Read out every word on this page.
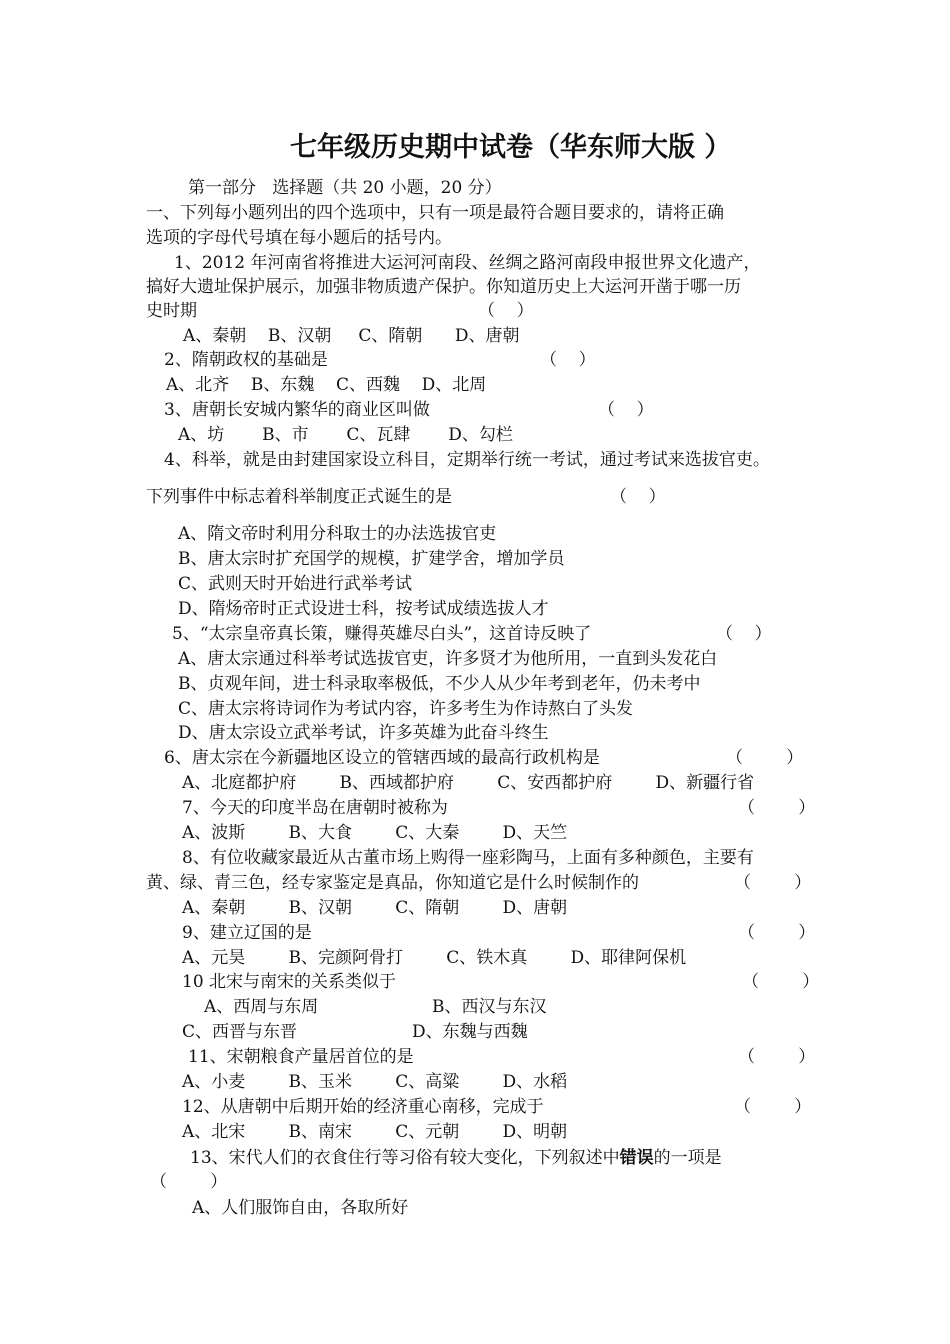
七年级历史期中试卷（华东师大版 ）
第一部分   选择题（共 20 小题，20 分）
一、下列每小题列出的四个选项中，只有一项是最符合题目要求的，请将正确
选项的字母代号填在每小题后的括号内。
1、2012 年河南省将推进大运河河南段、丝绸之路河南段申报世界文化遗产，
搞好大遗址保护展示，加强非物质遗产保护。你知道历史上大运河开凿于哪一历
史时期	（    ）
A、秦朝    B、汉朝     C、隋朝      D、唐朝
2、隋朝政权的基础是	（    ）
A、北齐    B、东魏    C、西魏    D、北周
3、唐朝长安城内繁华的商业区叫做	（    ）
A、坊       B、市       C、瓦肆       D、勾栏
4、科举，就是由封建国家设立科目，定期举行统一考试，通过考试来选拔官吏。
下列事件中标志着科举制度正式诞生的是	（    ）
A、隋文帝时利用分科取士的办法选拔官吏
B、唐太宗时扩充国学的规模，扩建学舍，增加学员
C、武则天时开始进行武举考试
D、隋炀帝时正式设进士科，按考试成绩选拔人才
5、“太宗皇帝真长策，赚得英雄尽白头”，这首诗反映了	（    ）
A、唐太宗通过科举考试选拔官吏，许多贤才为他所用，一直到头发花白
B、贞观年间，进士科录取率极低，不少人从少年考到老年，仍未考中
C、唐太宗将诗词作为考试内容，许多考生为作诗熬白了头发
D、唐太宗设立武举考试，许多英雄为此奋斗终生
6、唐太宗在今新疆地区设立的管辖西域的最高行政机构是	（        ）
A、北庭都护府        B、西域都护府        C、安西都护府        D、新疆行省
7、今天的印度半岛在唐朝时被称为	（        ）
A、波斯        B、大食        C、大秦        D、天竺
8、有位收藏家最近从古董市场上购得一座彩陶马，上面有多种颜色，主要有
黄、绿、青三色，经专家鉴定是真品，你知道它是什么时候制作的	（        ）
A、秦朝        B、汉朝        C、隋朝        D、唐朝
9、建立辽国的是	（        ）
A、元昊        B、完颜阿骨打        C、铁木真        D、耶律阿保机
10 北宋与南宋的关系类似于	（        ）
A、西周与东周	B、西汉与东汉
C、西晋与东晋	D、东魏与西魏
11、宋朝粮食产量居首位的是	（        ）
A、小麦        B、玉米        C、高粱        D、水稻
12、从唐朝中后期开始的经济重心南移，完成于	（        ）
A、北宋        B、南宋        C、元朝        D、明朝
13、宋代人们的衣食住行等习俗有较大变化，下列叙述中错误的一项是
（        ）
A、人们服饰自由，各取所好
